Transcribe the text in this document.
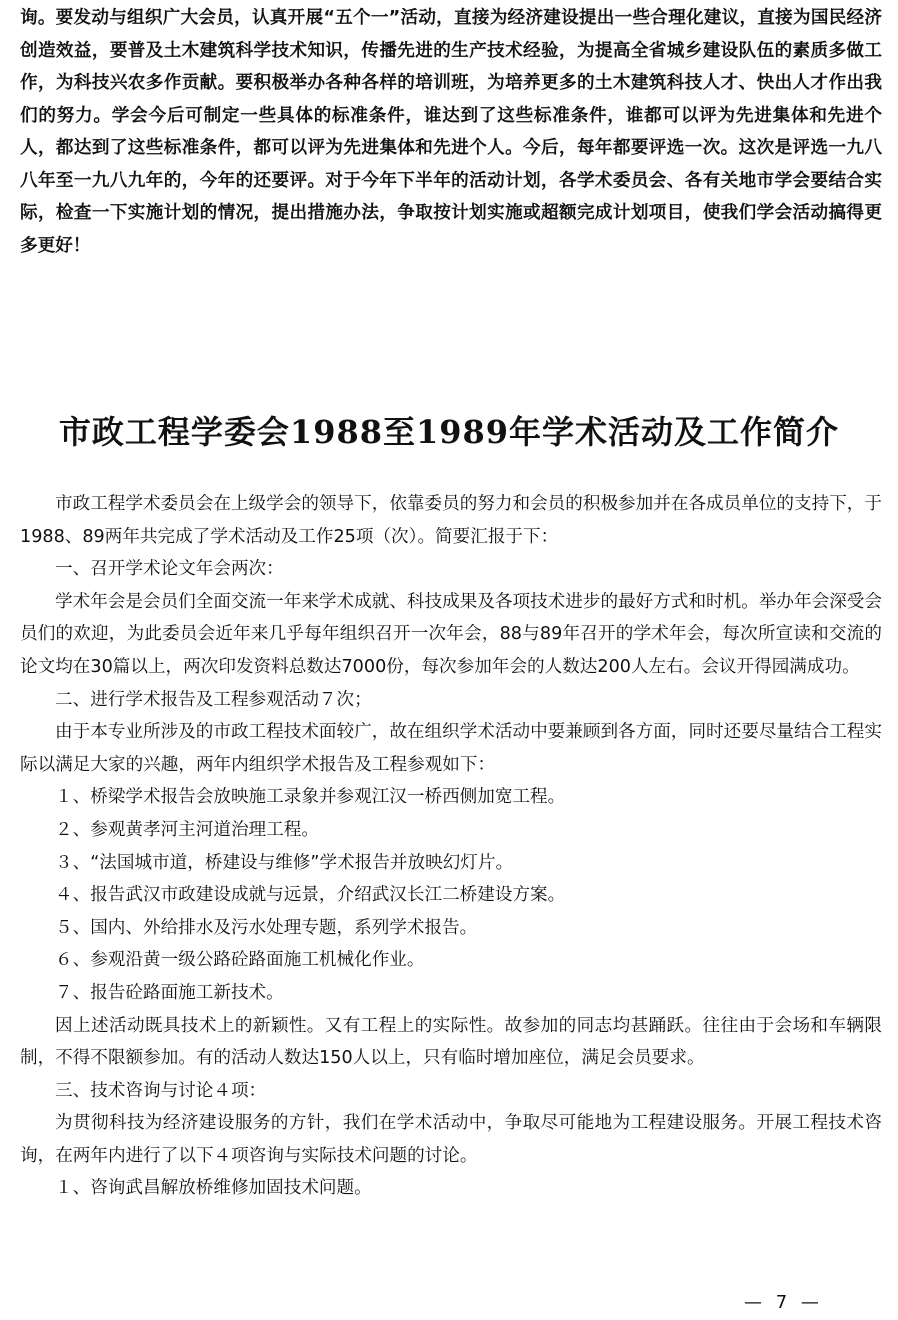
询。要发动与组织广大会员，认真开展“五个一”活动，直接为经济建设提出一些合理化建议，直接为国民经济创造效益，要普及土木建筑科学技术知识，传播先进的生产技术经验，为提高全省城乡建设队伍的素质多做工作，为科技兴农多作贡献。要积极举办各种各样的培训班，为培养更多的土木建筑科技人才、快出人才作出我们的努力。学会今后可制定一些具体的标准条件，谁达到了这些标准条件，谁都可以评为先进集体和先进个人，都达到了这些标准条件，都可以评为先进集体和先进个人。今后，每年都要评选一次。这次是评选一九八八年至一九八九年的，今年的还要评。对于今年下半年的活动计划，各学术委员会、各有关地市学会要结合实际，检查一下实施计划的情况，提出措施办法，争取按计划实施或超额完成计划项目，使我们学会活动搞得更多更好！

市政工程学委会1988至1989年学术活动及工作简介

市政工程学术委员会在上级学会的领导下，依靠委员的努力和会员的积极参加并在各成员单位的支持下，于1988、89两年共完成了学术活动及工作25项（次）。简要汇报于下：

一、召开学术论文年会两次：

学术年会是会员们全面交流一年来学术成就、科技成果及各项技术进步的最好方式和时机。举办年会深受会员们的欢迎，为此委员会近年来几乎每年组织召开一次年会，88与89年召开的学术年会，每次所宣读和交流的论文均在30篇以上，两次印发资料总数达7000份，每次参加年会的人数达200人左右。会议开得园满成功。

二、进行学术报告及工程参观活动７次；

由于本专业所涉及的市政工程技术面较广，故在组织学术活动中要兼顾到各方面，同时还要尽量结合工程实际以满足大家的兴趣，两年内组织学术报告及工程参观如下：

１、桥梁学术报告会放映施工录象并参观江汉一桥西侧加宽工程。

２、参观黄孝河主河道治理工程。

３、“法国城市道，桥建设与维修”学术报告并放映幻灯片。

４、报告武汉市政建设成就与远景，介绍武汉长江二桥建设方案。

５、国内、外给排水及污水处理专题，系列学术报告。

６、参观沿黄一级公路砼路面施工机械化作业。

７、报告砼路面施工新技术。

因上述活动既具技术上的新颖性。又有工程上的实际性。故参加的同志均甚踊跃。往往由于会场和车辆限制，不得不限额参加。有的活动人数达150人以上，只有临时增加座位，满足会员要求。

三、技术咨询与讨论４项：

为贯彻科技为经济建设服务的方针，我们在学术活动中，争取尽可能地为工程建设服务。开展工程技术咨询，在两年内进行了以下４项咨询与实际技术问题的讨论。

１、咨询武昌解放桥维修加固技术问题。

— 7 —
